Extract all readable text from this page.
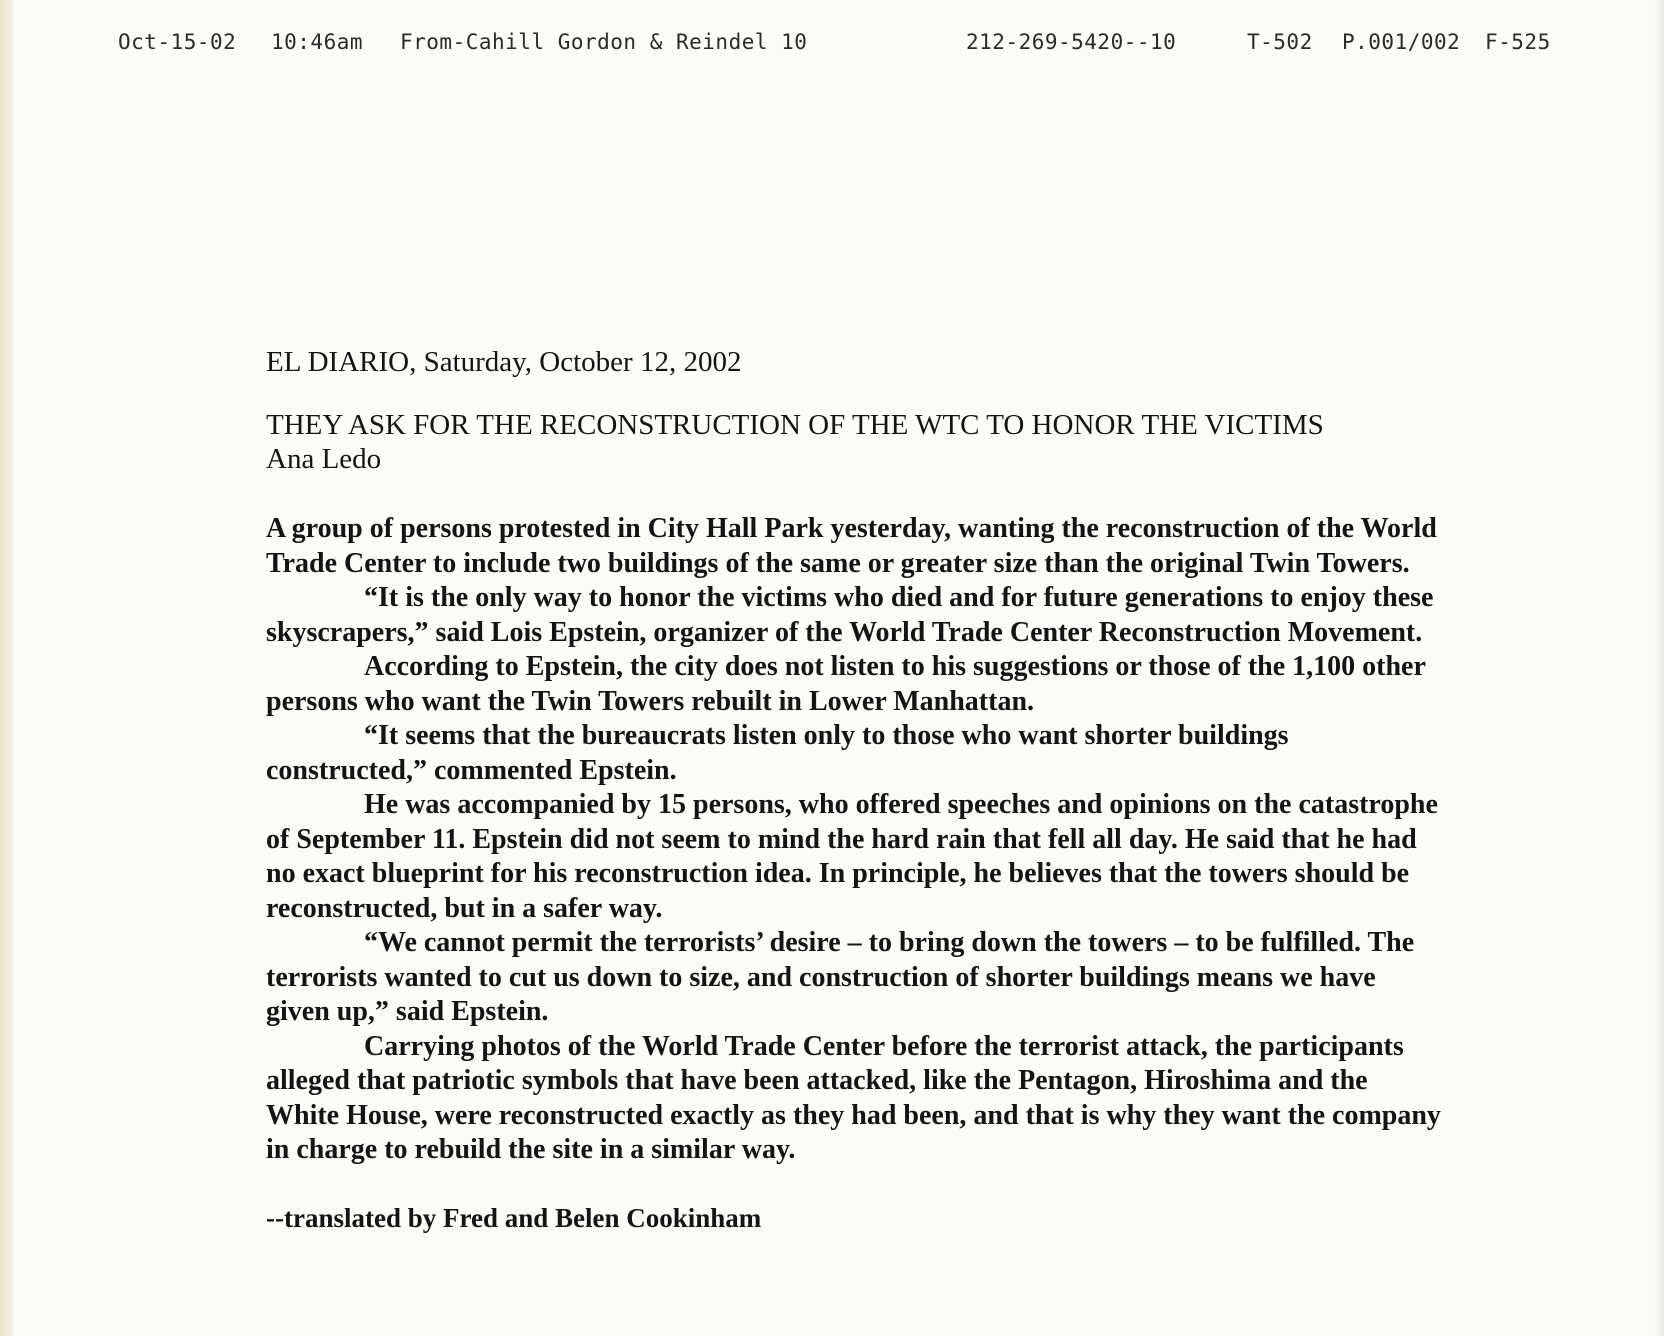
Oct-15-02 10:46am From-Cahill Gordon & Reindel 10	212-269-5420--10	T-502 P.001/002 F-525

EL DIARIO, Saturday, October 12, 2002

THEY ASK FOR THE RECONSTRUCTION OF THE WTC TO HONOR THE VICTIMS

Ana Ledo

A group of persons protested in City Hall Park yesterday, wanting the reconstruction of the World Trade Center to include two buildings of the same or greater size than the original Twin Towers.

“It is the only way to honor the victims who died and for future generations to enjoy these skyscrapers,” said Lois Epstein, organizer of the World Trade Center Reconstruction Movement.

According to Epstein, the city does not listen to his suggestions or those of the 1,100 other persons who want the Twin Towers rebuilt in Lower Manhattan.

“It seems that the bureaucrats listen only to those who want shorter buildings constructed,” commented Epstein.

He was accompanied by 15 persons, who offered speeches and opinions on the catastrophe of September 11. Epstein did not seem to mind the hard rain that fell all day. He said that he had no exact blueprint for his reconstruction idea. In principle, he believes that the towers should be reconstructed, but in a safer way.

“We cannot permit the terrorists’ desire – to bring down the towers – to be fulfilled. The terrorists wanted to cut us down to size, and construction of shorter buildings means we have given up,” said Epstein.

Carrying photos of the World Trade Center before the terrorist attack, the participants alleged that patriotic symbols that have been attacked, like the Pentagon, Hiroshima and the White House, were reconstructed exactly as they had been, and that is why they want the company in charge to rebuild the site in a similar way.

--translated by Fred and Belen Cookinham
